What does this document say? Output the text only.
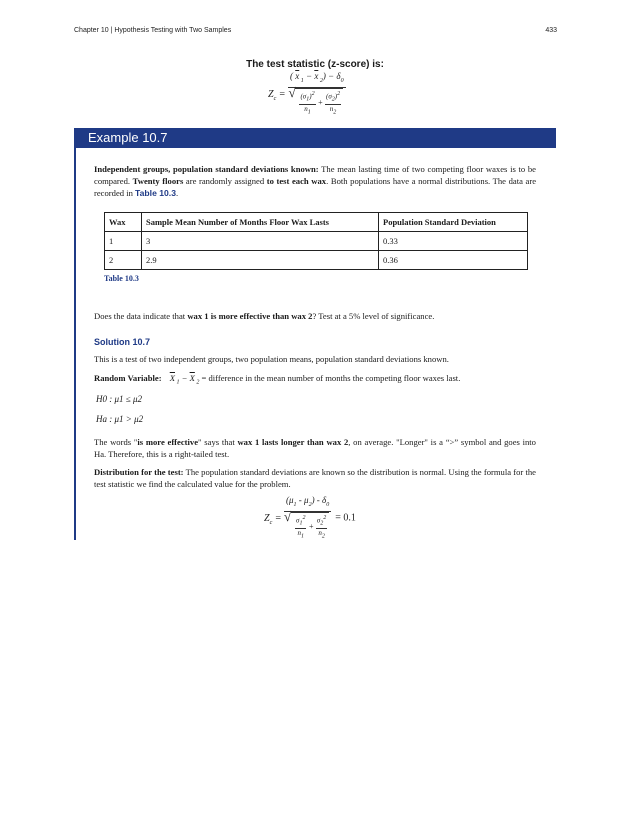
Chapter 10 | Hypothesis Testing with Two Samples	433
The test statistic (z-score) is:
$Z_c$ = ( $\overline{x}$ $_1 - \overline{x}$ $_2) - \delta_0$
√ $\frac{(\sigma 1)2}{n1} + \frac{(\sigma 2)2}{n2}$
Example 10.7
Independent groups, population standard deviations known: The mean lasting time of two competing floor waxes is to be compared. Twenty floors are randomly assigned to test each wax. Both populations have a normal distributions. The data are recorded in Table 10.3.
Wax	Sample Mean Number of Months Floor Wax Lasts	Population Standard Deviation
1	3	0.33
2	2.9	0.36
Table 10.3
Does the data indicate that wax 1 is more effective than wax 2? Test at a 5% level of significance.
Solution 10.7
This is a test of two independent groups, two population means, population standard deviations known.
Random Variable: $\overline{X}$ $_1 - \overline{X}$ $_2$ = difference in the mean number of months the competing floor waxes last.
H0 : μ1 ≤ μ2
Ha : μ1 > μ2
The words "is more effective" says that wax 1 lasts longer than wax 2, on average. "Longer" is a “>” symbol and goes into Ha. Therefore, this is a right-tailed test.
Distribution for the test: The population standard deviations are known so the distribution is normal. Using the formula for the test statistic we find the calculated value for the problem.
$Z_c = (\mu_1 - \mu_2) - \delta_0$
√ $\frac{\sigma 12}{n1} + \frac{\sigma 22}{n2} = 0.1$
